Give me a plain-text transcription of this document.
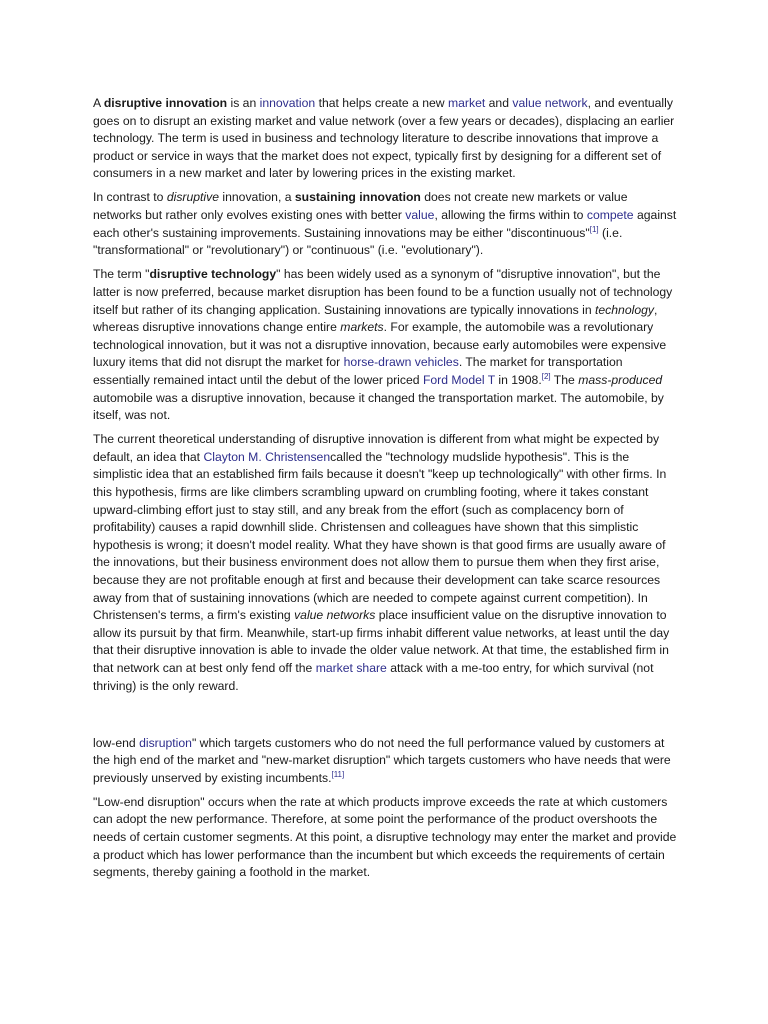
A disruptive innovation is an innovation that helps create a new market and value network, and eventually goes on to disrupt an existing market and value network (over a few years or decades), displacing an earlier technology. The term is used in business and technology literature to describe innovations that improve a product or service in ways that the market does not expect, typically first by designing for a different set of consumers in a new market and later by lowering prices in the existing market.

In contrast to disruptive innovation, a sustaining innovation does not create new markets or value networks but rather only evolves existing ones with better value, allowing the firms within to compete against each other's sustaining improvements. Sustaining innovations may be either "discontinuous"[1] (i.e. "transformational" or "revolutionary") or "continuous" (i.e. "evolutionary").

The term "disruptive technology" has been widely used as a synonym of "disruptive innovation", but the latter is now preferred, because market disruption has been found to be a function usually not of technology itself but rather of its changing application. Sustaining innovations are typically innovations in technology, whereas disruptive innovations change entire markets. For example, the automobile was a revolutionary technological innovation, but it was not a disruptive innovation, because early automobiles were expensive luxury items that did not disrupt the market for horse-drawn vehicles. The market for transportation essentially remained intact until the debut of the lower priced Ford Model T in 1908.[2] The mass-produced automobile was a disruptive innovation, because it changed the transportation market. The automobile, by itself, was not.

The current theoretical understanding of disruptive innovation is different from what might be expected by default, an idea that Clayton M. Christensencalled the "technology mudslide hypothesis". This is the simplistic idea that an established firm fails because it doesn't "keep up technologically" with other firms. In this hypothesis, firms are like climbers scrambling upward on crumbling footing, where it takes constant upward-climbing effort just to stay still, and any break from the effort (such as complacency born of profitability) causes a rapid downhill slide. Christensen and colleagues have shown that this simplistic hypothesis is wrong; it doesn't model reality. What they have shown is that good firms are usually aware of the innovations, but their business environment does not allow them to pursue them when they first arise, because they are not profitable enough at first and because their development can take scarce resources away from that of sustaining innovations (which are needed to compete against current competition). In Christensen's terms, a firm's existing value networks place insufficient value on the disruptive innovation to allow its pursuit by that firm. Meanwhile, start-up firms inhabit different value networks, at least until the day that their disruptive innovation is able to invade the older value network. At that time, the established firm in that network can at best only fend off the market share attack with a me-too entry, for which survival (not thriving) is the only reward.

low-end disruption" which targets customers who do not need the full performance valued by customers at the high end of the market and "new-market disruption" which targets customers who have needs that were previously unserved by existing incumbents.[11]

"Low-end disruption" occurs when the rate at which products improve exceeds the rate at which customers can adopt the new performance. Therefore, at some point the performance of the product overshoots the needs of certain customer segments. At this point, a disruptive technology may enter the market and provide a product which has lower performance than the incumbent but which exceeds the requirements of certain segments, thereby gaining a foothold in the market.
